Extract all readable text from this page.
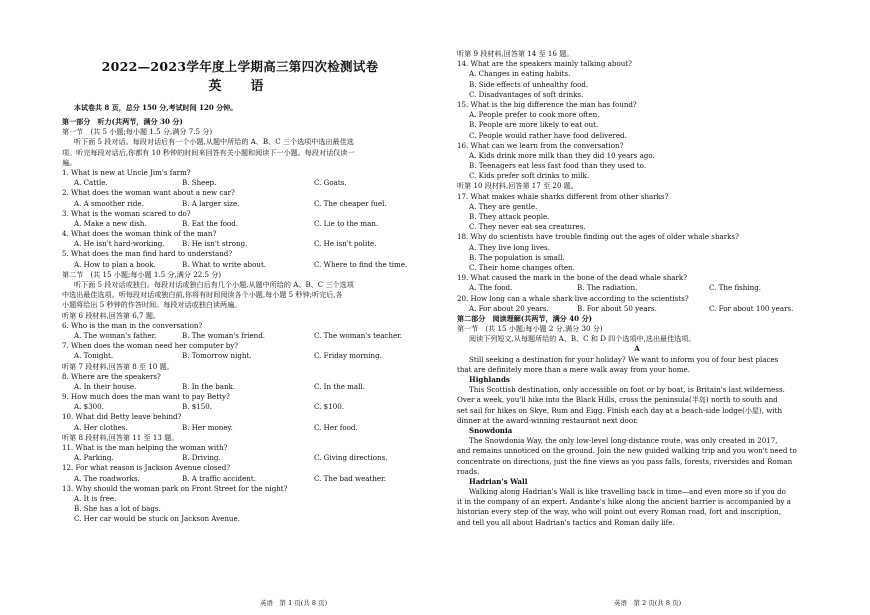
2022—2023学年度上学期高三第四次检测试卷
英　语
本试卷共 8 页，总分 150 分,考试时间 120 分钟。

第一部分　听力(共两节，满分 30 分)

第一节　(共 5 小题;每小题 1.5 分,满分 7.5 分)

听下面 5 段对话。每段对话后有一个小题,从题中所给的 A、B、C 三个选项中选出最佳选

项。听完每段对话后,你都有 10 秒钟的时间来回答有关小题和阅读下一小题。每段对话仅读一

遍。

1. What is new at Uncle Jim's farm?

A. Cattle.	B. Sheep.	C. Goats.

2. What does the woman want about a new car?

A. A smoother ride.	B. A larger size.	C. The cheaper fuel.

3. What is the woman scared to do?

A. Make a new dish.	B. Eat the food.	C. Lie to the man.

4. What does the woman think of the man?

A. He isn't hard-working.	B. He isn't strong.	C. He isn't polite.

5. What does the man find hard to understand?

A. How to plan a book.	B. What to write about.	C. Where to find the time.

第二节　(共 15 小题;每小题 1.5 分,满分 22.5 分)

听下面 5 段对话或独白。每段对话或独白后有几个小题,从题中所给的 A、B、C 三个选项

中选出最佳选项。听每段对话或独白前,你将有时间阅读各个小题,每小题 5 秒钟;听完后,各

小题将给出 5 秒钟的作答时间。每段对话或独白读两遍。

听第 6 段材料,回答第 6,7 题。

6. Who is the man in the conversation?

A. The woman's father.	B. The woman's friend.	C. The woman's teacher.

7. When does the woman need her computer by?

A. Tonight.	B. Tomorrow night.	C. Friday morning.

听第 7 段材料,回答第 8 至 10 题。

8. Where are the speakers?

A. In their house.	B. In the bank.	C. In the mall.

9. How much does the man want to pay Betty?

A. $300.	B. $150.	C. $100.

10. What did Betty leave behind?

A. Her clothes.	B. Her money.	C. Her food.

听第 8 段材料,回答第 11 至 13 题。

11. What is the man helping the woman with?

A. Parking.	B. Driving.	C. Giving directions.

12. For what reason is Jackson Avenue closed?

A. The roadworks.	B. A traffic accident.	C. The bad weather.

13. Why should the woman park on Front Street for the night?

A. It is free.

B. She has a lot of bags.

C. Her car would be stuck on Jackson Avenue.

英语　第 1 页(共 8 页)

听第 9 段材料,回答第 14 至 16 题。

14. What are the speakers mainly talking about?

A. Changes in eating habits.

B. Side effects of unhealthy food.

C. Disadvantages of soft drinks.

15. What is the big difference the man has found?

A. People prefer to cook more often.

B. People are more likely to eat out.

C. People would rather have food delivered.

16. What can we learn from the conversation?

A. Kids drink more milk than they did 10 years ago.

B. Teenagers eat less fast food than they used to.

C. Kids prefer soft drinks to milk.

听第 10 段材料,回答第 17 至 20 题。

17. What makes whale sharks different from other sharks?

A. They are gentle.

B. They attack people.

C. They never eat sea creatures.

18. Why do scientists have trouble finding out the ages of older whale sharks?

A. They live long lives.

B. The population is small.

C. Their home changes often.

19. What caused the mark in the bone of the dead whale shark?

A. The food.	B. The radiation.	C. The fishing.

20. How long can a whale shark live according to the scientists?

A. For about 20 years.	B. For about 50 years.	C. For about 100 years.

第二部分　阅读理解(共两节，满分 40 分)

第一节　(共 15 小题;每小题 2 分,满分 30 分)

阅读下列短文,从每题所给的 A、B、C 和 D 四个选项中,选出最佳选项。

A

Still seeking a destination for your holiday? We want to inform you of four best places

that are definitely more than a mere walk away from your home.

Highlands

This Scottish destination, only accessible on foot or by boat, is Britain's last wilderness.

Over a week, you'll hike into the Black Hills, cross the peninsula(半岛) north to south and

set sail for hikes on Skye, Rum and Eigg. Finish each day at a beach-side lodge(小屋), with

dinner at the award-winning restaurant next door.

Snowdonia

The Snowdonia Way, the only low-level long-distance route, was only created in 2017,

and remains unnoticed on the ground. Join the new guided walking trip and you won't need to

concentrate on directions, just the fine views as you pass falls, forests, riversides and Roman

roads.

Hadrian's Wall

Walking along Hadrian's Wall is like travelling back in time—and even more so if you do

it in the company of an expert. Andante's hike along the ancient barrier is accompanied by a

historian every step of the way, who will point out every Roman road, fort and inscription,

and tell you all about Hadrian's tactics and Roman daily life.

英语　第 2 页(共 8 页)
